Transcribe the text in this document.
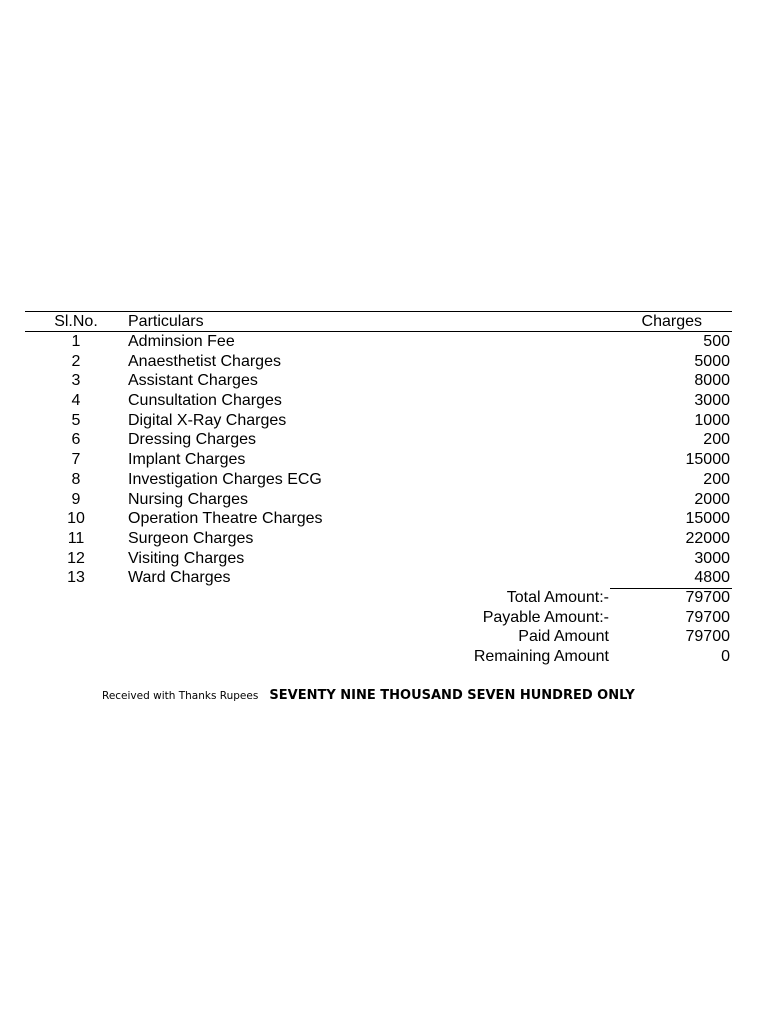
Sl.No.	Particulars	Charges
1	Adminsion Fee	500
2	Anaesthetist Charges	5000
3	Assistant Charges	8000
4	Cunsultation Charges	3000
5	Digital X-Ray Charges	1000
6	Dressing Charges	200
7	Implant Charges	15000
8	Investigation Charges ECG	200
9	Nursing Charges	2000
10	Operation Theatre Charges	15000
11	Surgeon Charges	22000
12	Visiting Charges	3000
13	Ward Charges	4800
Total Amount:-	79700
Payable Amount:-	79700
Paid Amount	79700
Remaining Amount	0
Received with Thanks Rupees SEVENTY NINE THOUSAND SEVEN HUNDRED ONLY
